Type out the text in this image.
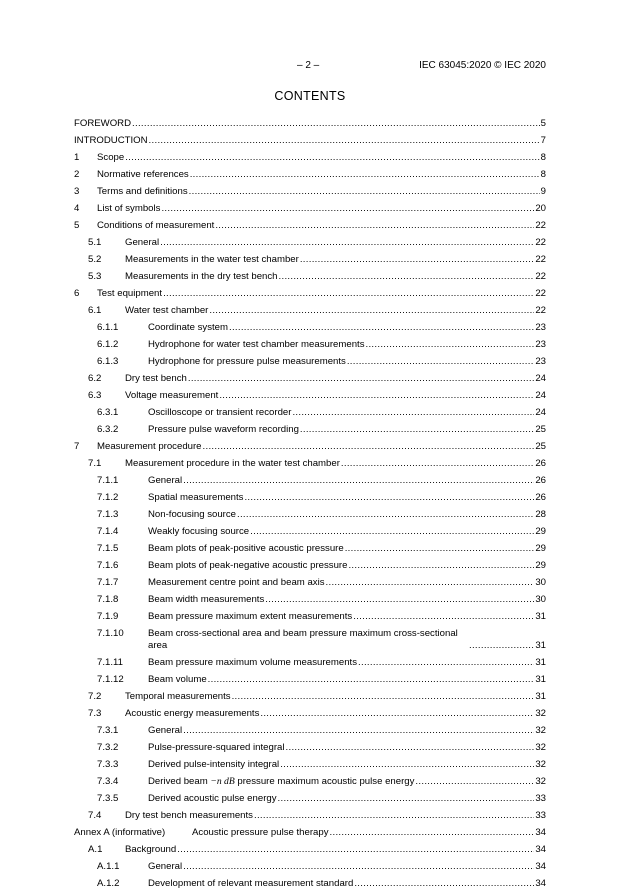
– 2 –	IEC 63045:2020 © IEC 2020
CONTENTS
FOREWORD .....	5
INTRODUCTION .....	7
1	Scope .....	8
2	Normative references .....	8
3	Terms and definitions .....	9
4	List of symbols .....	20
5	Conditions of measurement .....	22
5.1	General .....	22
5.2	Measurements in the water test chamber .....	22
5.3	Measurements in the dry test bench .....	22
6	Test equipment .....	22
6.1	Water test chamber .....	22
6.1.1	Coordinate system .....	23
6.1.2	Hydrophone for water test chamber measurements .....	23
6.1.3	Hydrophone for pressure pulse measurements .....	23
6.2	Dry test bench .....	24
6.3	Voltage measurement .....	24
6.3.1	Oscilloscope or transient recorder .....	24
6.3.2	Pressure pulse waveform recording .....	25
7	Measurement procedure .....	25
7.1	Measurement procedure in the water test chamber .....	26
7.1.1	General .....	26
7.1.2	Spatial measurements .....	26
7.1.3	Non-focusing source .....	28
7.1.4	Weakly focusing source .....	29
7.1.5	Beam plots of peak-positive acoustic pressure .....	29
7.1.6	Beam plots of peak-negative acoustic pressure .....	29
7.1.7	Measurement centre point and beam axis .....	30
7.1.8	Beam width measurements .....	30
7.1.9	Beam pressure maximum extent measurements .....	31
7.1.10	Beam cross-sectional area and beam pressure maximum cross-sectional area .....	31
7.1.11	Beam pressure maximum volume measurements .....	31
7.1.12	Beam volume .....	31
7.2	Temporal measurements .....	31
7.3	Acoustic energy measurements .....	32
7.3.1	General .....	32
7.3.2	Pulse-pressure-squared integral .....	32
7.3.3	Derived pulse-intensity integral .....	32
7.3.4	Derived beam −n dB pressure maximum acoustic pulse energy .....	32
7.3.5	Derived acoustic pulse energy .....	33
7.4	Dry test bench measurements .....	33
Annex A (informative)	Acoustic pressure pulse therapy .....	34
A.1	Background .....	34
A.1.1	General .....	34
A.1.2	Development of relevant measurement standard .....	34
